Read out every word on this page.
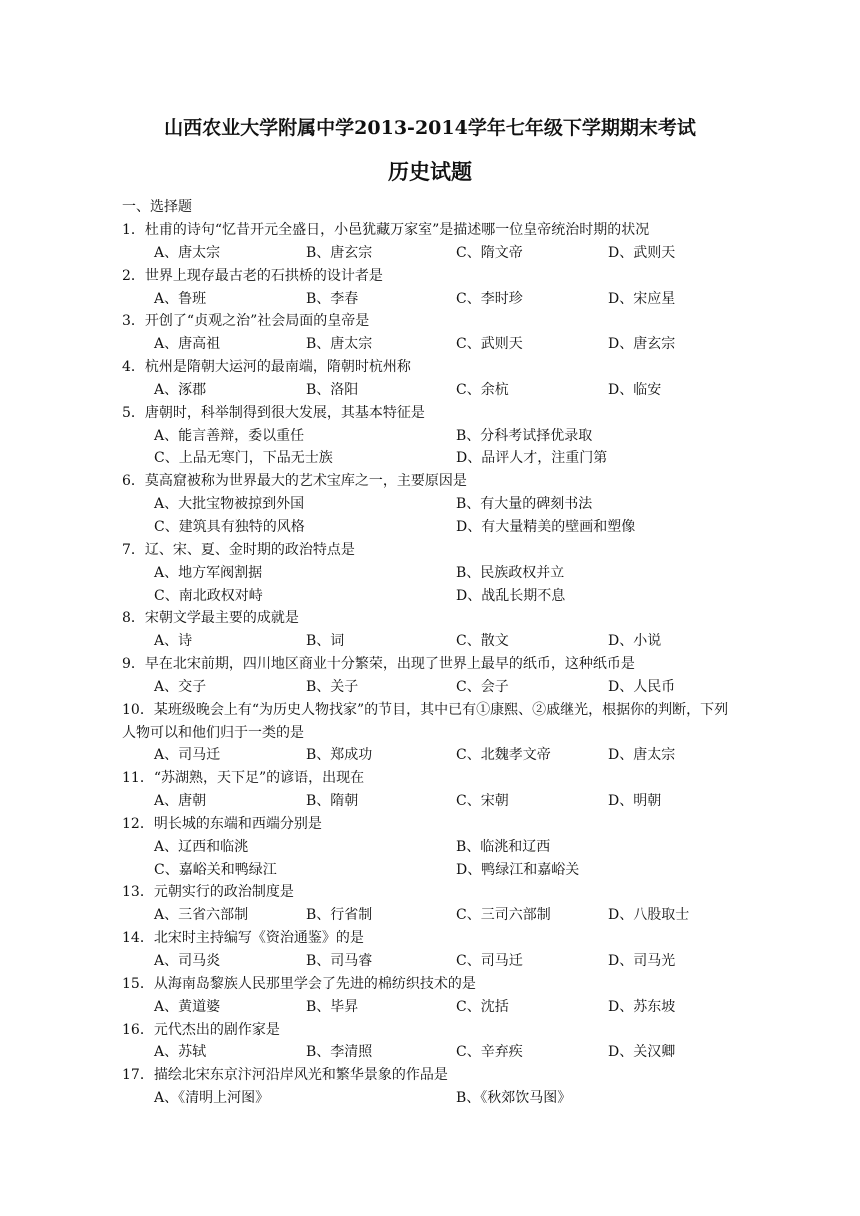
山西农业大学附属中学2013-2014学年七年级下学期期末考试
历史试题
一、选择题
1．杜甫的诗句“忆昔开元全盛日，小邑犹藏万家室”是描述哪一位皇帝统治时期的状况
A、唐太宗	B、唐玄宗	C、隋文帝	D、武则天
2．世界上现存最古老的石拱桥的设计者是
A、鲁班	B、李春	C、李时珍	D、宋应星
3．开创了“贞观之治”社会局面的皇帝是
A、唐高祖	B、唐太宗	C、武则天	D、唐玄宗
4．杭州是隋朝大运河的最南端，隋朝时杭州称
A、涿郡	B、洛阳	C、余杭	D、临安
5．唐朝时，科举制得到很大发展，其基本特征是
A、能言善辩，委以重任	B、分科考试择优录取
C、上品无寒门，下品无士族	D、品评人才，注重门第
6．莫高窟被称为世界最大的艺术宝库之一，主要原因是
A、大批宝物被掠到外国	B、有大量的碑刻书法
C、建筑具有独特的风格	D、有大量精美的壁画和塑像
7．辽、宋、夏、金时期的政治特点是
A、地方军阀割据	B、民族政权并立
C、南北政权对峙	D、战乱长期不息
8．宋朝文学最主要的成就是
A、诗	B、词	C、散文	D、小说
9．早在北宋前期，四川地区商业十分繁荣，出现了世界上最早的纸币，这种纸币是
A、交子	B、关子	C、会子	D、人民币
10．某班级晚会上有“为历史人物找家”的节目，其中已有①康熙、②戚继光，根据你的判断，下列人物可以和他们归于一类的是
A、司马迁	B、郑成功	C、北魏孝文帝	D、唐太宗
11．“苏湖熟，天下足”的谚语，出现在
A、唐朝	B、隋朝	C、宋朝	D、明朝
12．明长城的东端和西端分别是
A、辽西和临洮	B、临洮和辽西
C、嘉峪关和鸭绿江	D、鸭绿江和嘉峪关
13．元朝实行的政治制度是
A、三省六部制	B、行省制	C、三司六部制	D、八股取士
14．北宋时主持编写《资治通鉴》的是
A、司马炎	B、司马睿	C、司马迁	D、司马光
15．从海南岛黎族人民那里学会了先进的棉纺织技术的是
A、黄道婆	B、毕昇	C、沈括	D、苏东坡
16．元代杰出的剧作家是
A、苏轼	B、李清照	C、辛弃疾	D、关汉卿
17．描绘北宋东京汴河沿岸风光和繁华景象的作品是
A、《清明上河图》	B、《秋郊饮马图》
